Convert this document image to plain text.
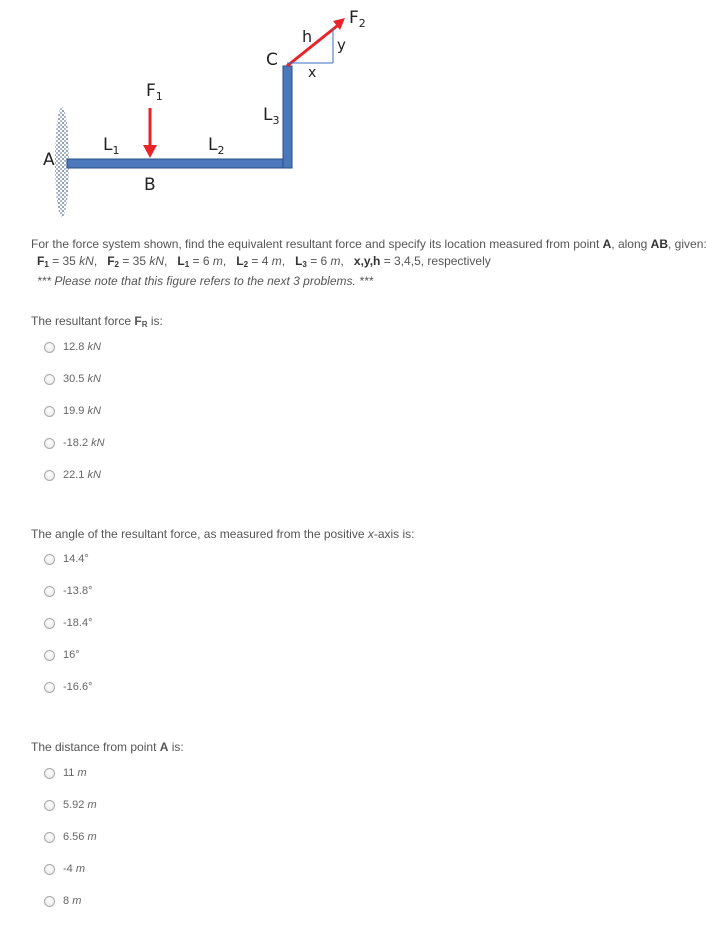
$F_1$
$F_2$
$L_1$	$L_2$
$L_3$
A
B
C
h
x
y
For the force system shown, find the equivalent resultant force and specify its location measured from point A, along AB, given:
$F_1 = 35$ kN, $F_2 = 35$ kN, $L_1 = 6$ m, $L_2 = 4$ m, $L_3 = 6$ m, x,y,h = 3,4,5, respectively
*** Please note that this figure refers to the next 3 problems. ***
The resultant force $F_R$ is:
12.8
kN
30.5
kN
19.9
kN
-18.2
kN
22.1
kN
The angle of the resultant force, as measured from the positive x-axis is:
14.4°
-13.8°
-18.4°
16°
-16.6°
The distance from point A is:
11
m
5.92
m
6.56
m
-4
m
8
m
